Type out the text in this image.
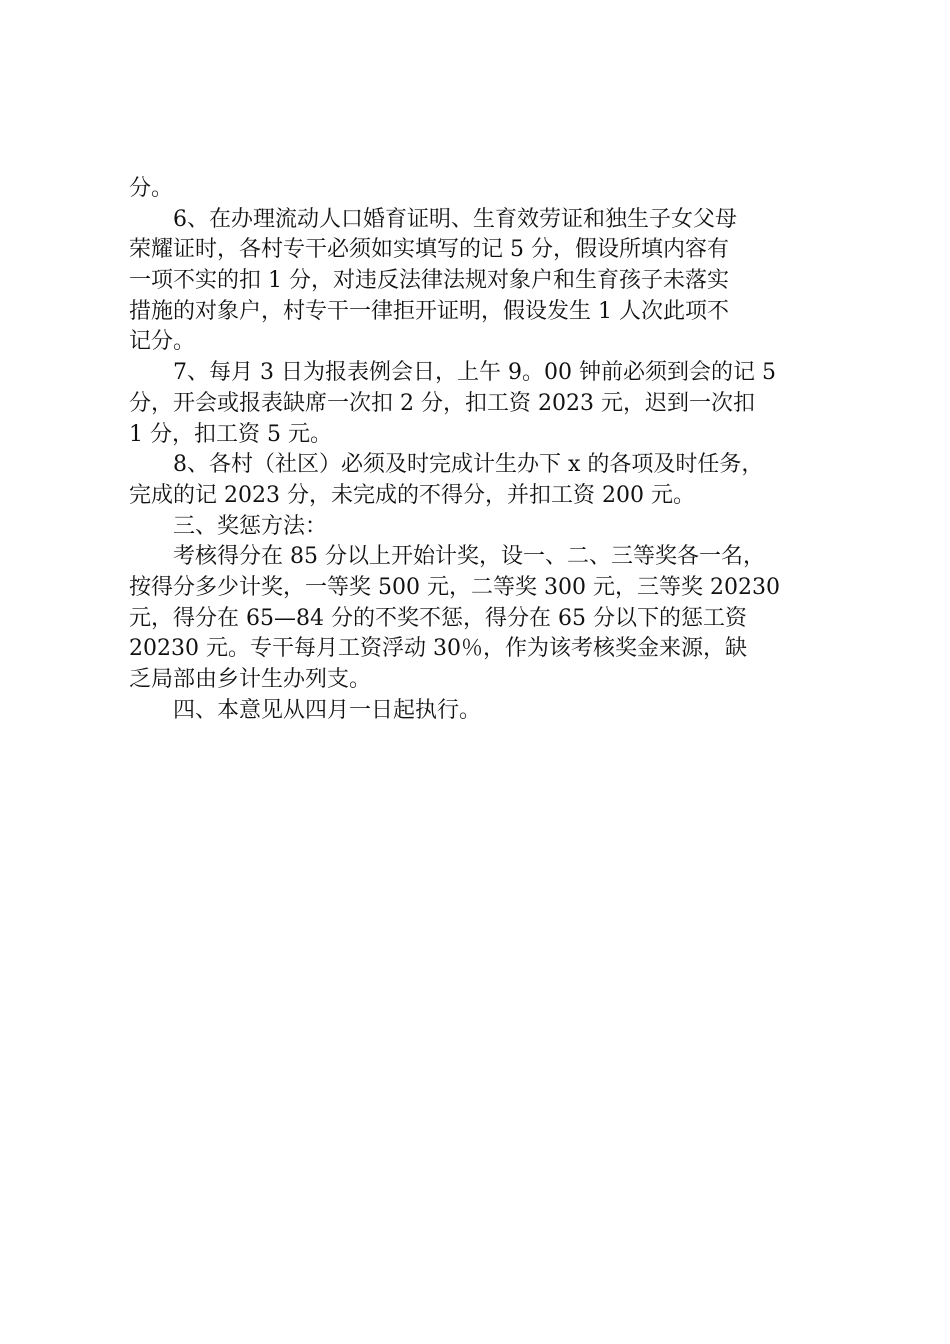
分。
6、在办理流动人口婚育证明、生育效劳证和独生子女父母
荣耀证时，各村专干必须如实填写的记 5 分，假设所填内容有
一项不实的扣 1 分，对违反法律法规对象户和生育孩子未落实
措施的对象户，村专干一律拒开证明，假设发生 1 人次此项不
记分。
7、每月 3 日为报表例会日，上午 9。00 钟前必须到会的记 5
分，开会或报表缺席一次扣 2 分，扣工资 2023 元，迟到一次扣
1 分，扣工资 5 元。
8、各村（社区）必须及时完成计生办下 x 的各项及时任务，
完成的记 2023 分，未完成的不得分，并扣工资 200 元。
三、奖惩方法：
考核得分在 85 分以上开始计奖，设一、二、三等奖各一名，
按得分多少计奖，一等奖 500 元，二等奖 300 元，三等奖 20230
元，得分在 65—84 分的不奖不惩，得分在 65 分以下的惩工资
20230 元。专干每月工资浮动 30％，作为该考核奖金来源，缺
乏局部由乡计生办列支。
四、本意见从四月一日起执行。
